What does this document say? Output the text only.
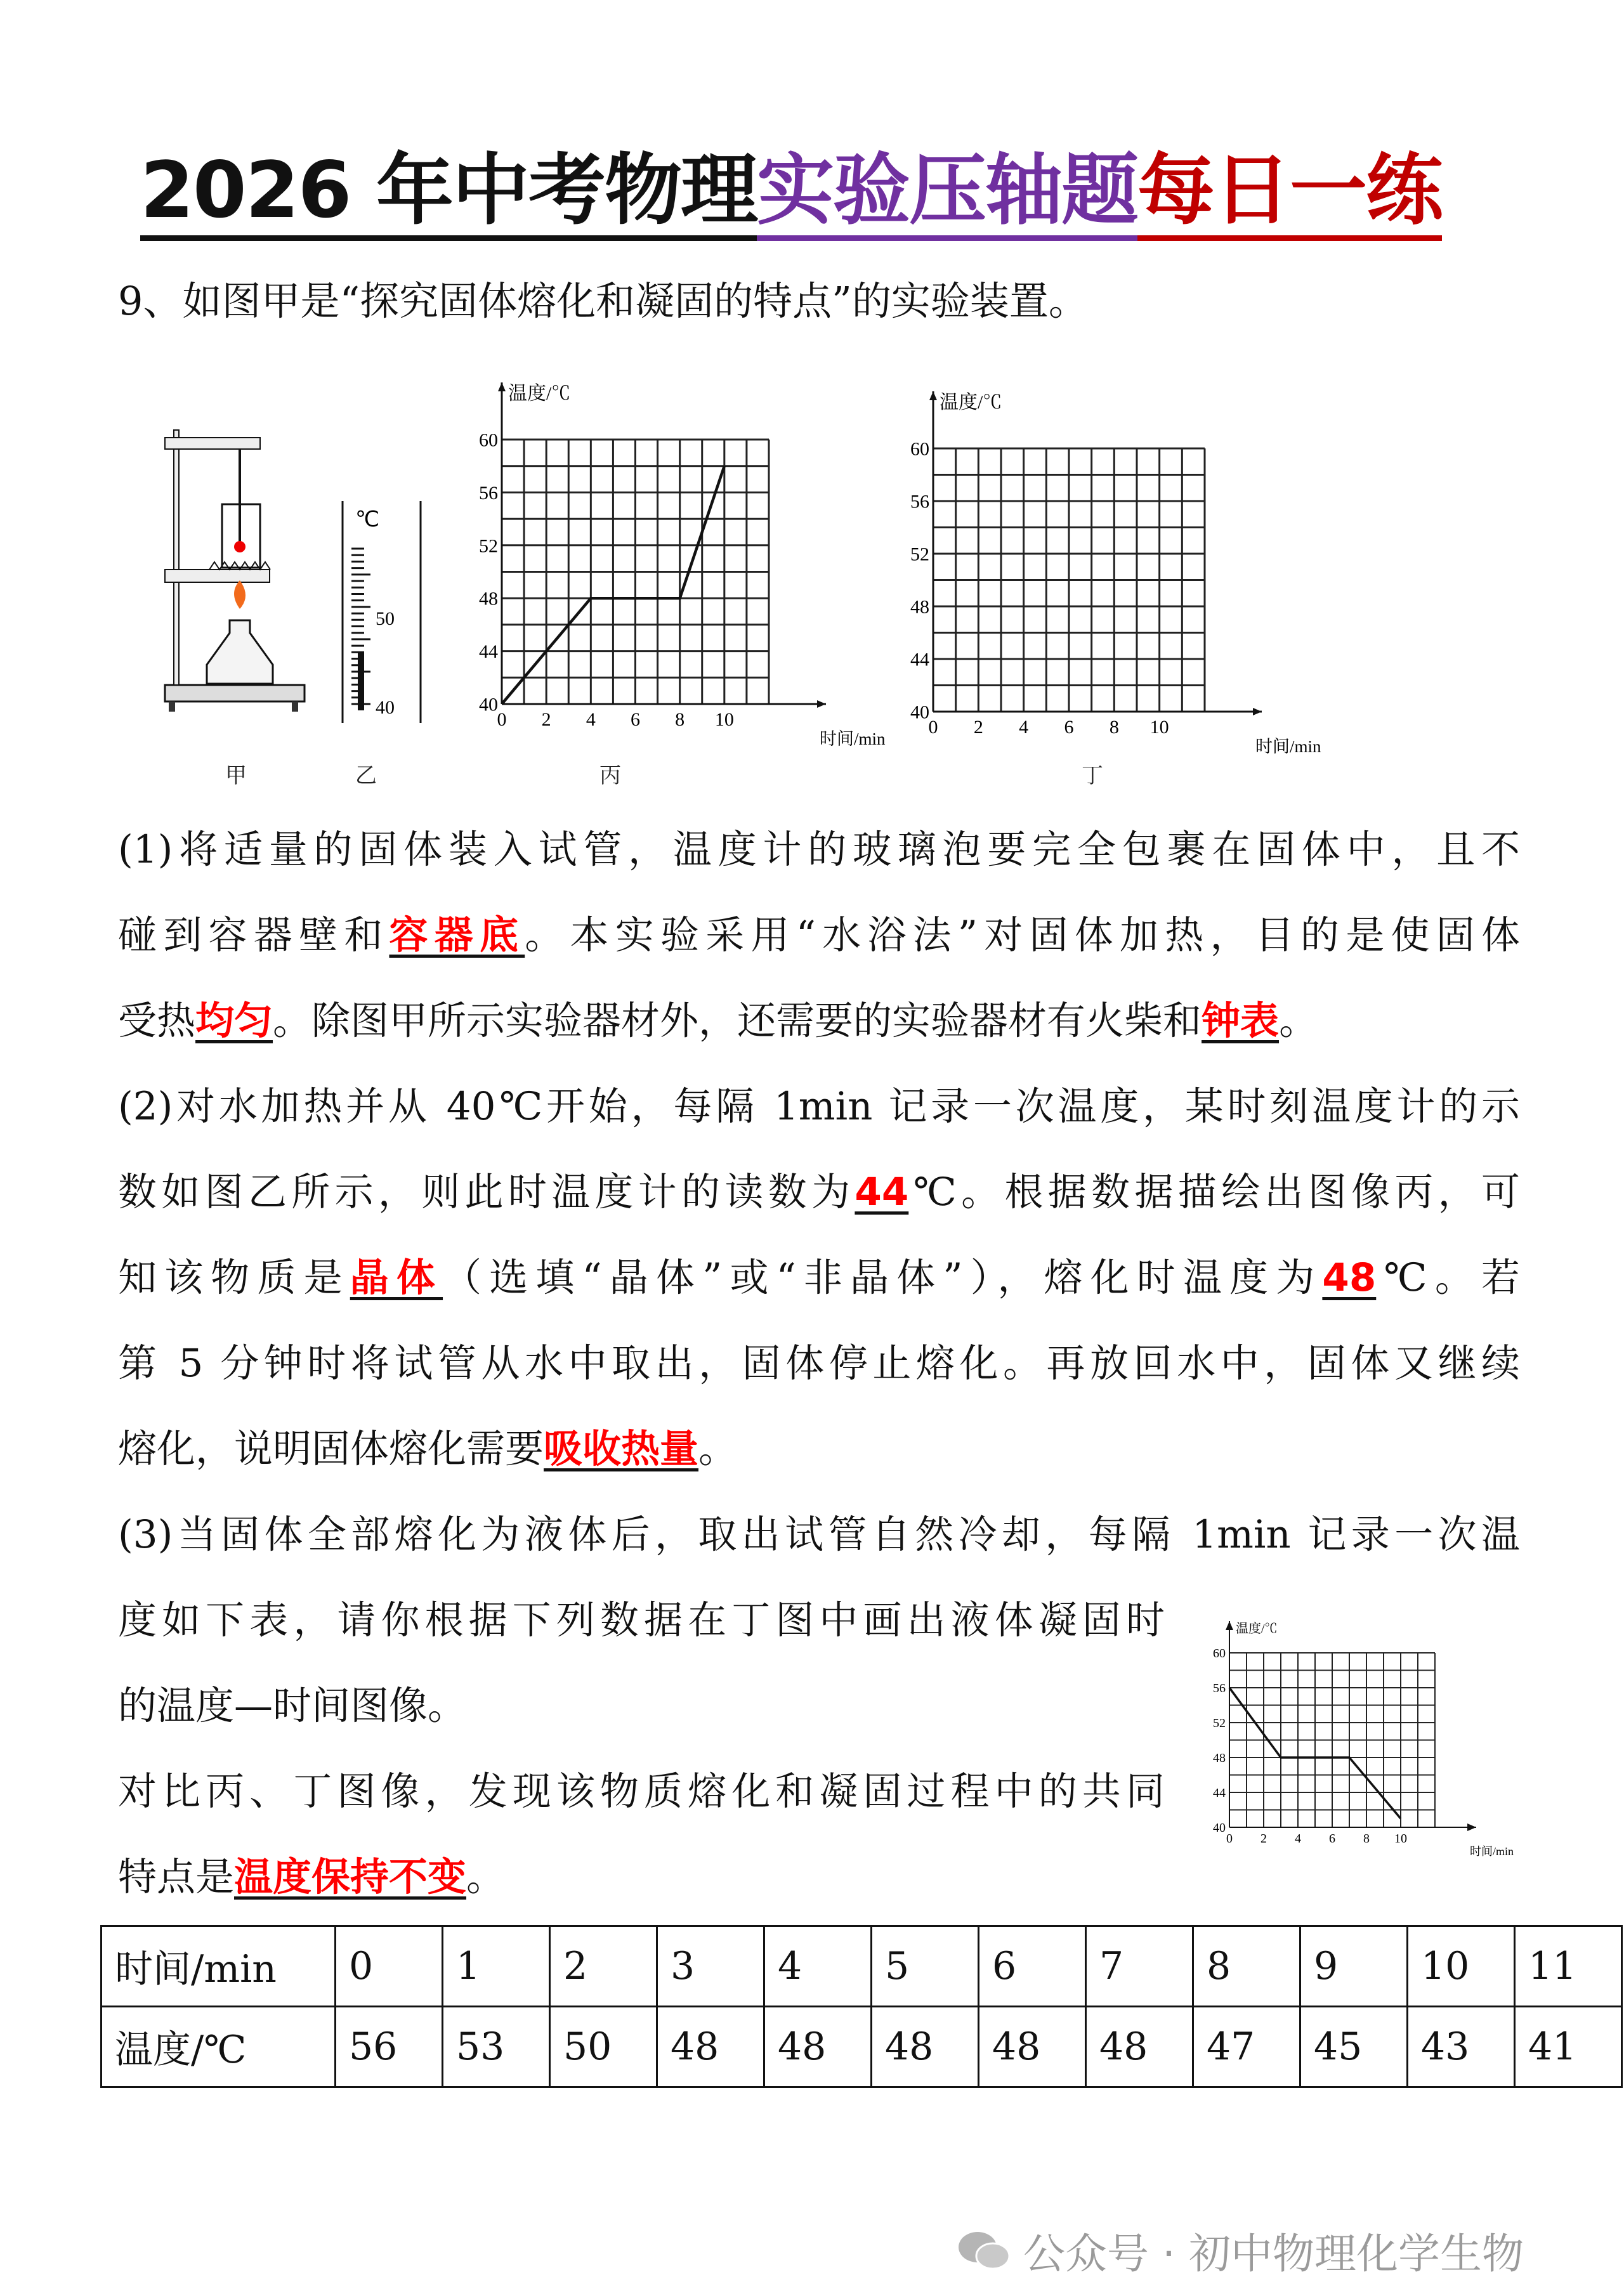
2026 年中考物理实验压轴题每日一练
9、如图甲是“探究固体熔化和凝固的特点”的实验装置。
℃
50
40
甲	乙	丙	丁
0 2 4 6 8 10
40
44
48
52
56
60
温度/℃
时间/min
0 2 4 6 8 10
40
44
48
52
56
60
温度/℃
时间/min
0 2 4 6 8 10
40
44
48
52
56
60
温度/℃
时间/min
(1)将适量的固体装入试管，温度计的玻璃泡要完全包裹在固体中，且不
碰到容器壁和容器底。本实验采用“水浴法”对固体加热，目的是使固体
受热均匀。除图甲所示实验器材外，还需要的实验器材有火柴和钟表。
(2)对水加热并从 40℃开始，每隔 1min 记录一次温度，某时刻温度计的示
数如图乙所示，则此时温度计的读数为44℃。根据数据描绘出图像丙，可
知该物质是晶体（选填“晶体”或“非晶体”），熔化时温度为48℃。若
第 5 分钟时将试管从水中取出，固体停止熔化。再放回水中，固体又继续
熔化，说明固体熔化需要吸收热量。
(3)当固体全部熔化为液体后，取出试管自然冷却，每隔 1min 记录一次温
度如下表，请你根据下列数据在丁图中画出液体凝固时
的温度—时间图像。
对比丙、丁图像，发现该物质熔化和凝固过程中的共同
特点是温度保持不变。
时间/min	0	1	2	3	4	5	6	7	8	9	10	11
温度/℃	56	53	50	48	48	48	48	48	47	45	43	41
公众号 · 初中物理化学生物
